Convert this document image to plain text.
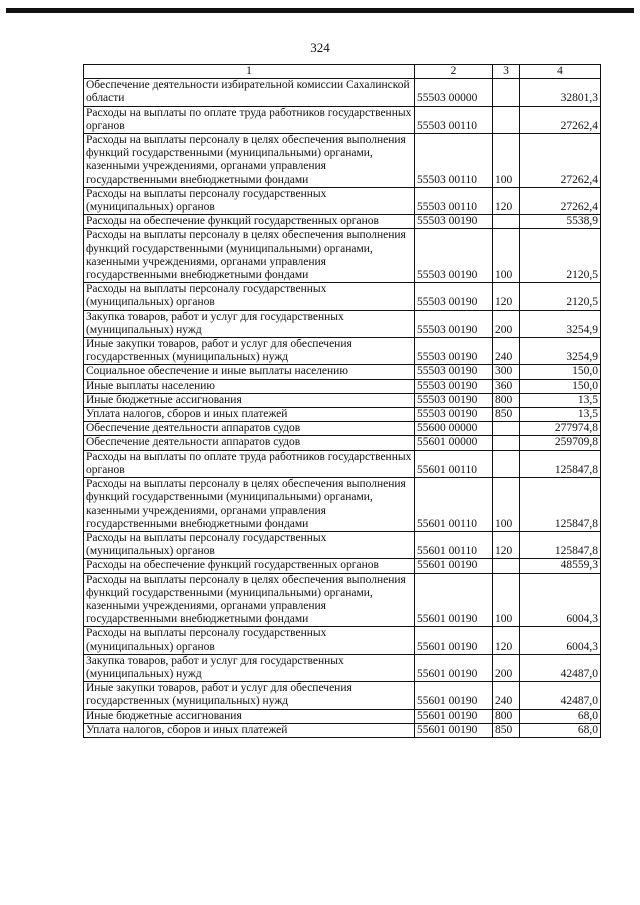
324
1	2	3	4
Обеспечение деятельности избирательной комиссии Сахалинской области	55503 00000		32801,3
Расходы на выплаты по оплате труда работников государственных органов	55503 00110		27262,4
Расходы на выплаты персоналу в целях обеспечения выполнения функций государственными (муниципальными) органами, казенными учреждениями, органами управления государственными внебюджетными фондами	55503 00110	100	27262,4
Расходы на выплаты персоналу государственных (муниципальных) органов	55503 00110	120	27262,4
Расходы на обеспечение функций государственных органов	55503 00190		5538,9
Расходы на выплаты персоналу в целях обеспечения выполнения функций государственными (муниципальными) органами, казенными учреждениями, органами управления государственными внебюджетными фондами	55503 00190	100	2120,5
Расходы на выплаты персоналу государственных (муниципальных) органов	55503 00190	120	2120,5
Закупка товаров, работ и услуг для государственных (муниципальных) нужд	55503 00190	200	3254,9
Иные закупки товаров, работ и услуг для обеспечения государственных (муниципальных) нужд	55503 00190	240	3254,9
Социальное обеспечение и иные выплаты населению	55503 00190	300	150,0
Иные выплаты населению	55503 00190	360	150,0
Иные бюджетные ассигнования	55503 00190	800	13,5
Уплата налогов, сборов и иных платежей	55503 00190	850	13,5
Обеспечение деятельности аппаратов судов	55600 00000		277974,8
Обеспечение деятельности аппаратов судов	55601 00000		259709,8
Расходы на выплаты по оплате труда работников государственных органов	55601 00110		125847,8
Расходы на выплаты персоналу в целях обеспечения выполнения функций государственными (муниципальными) органами, казенными учреждениями, органами управления государственными внебюджетными фондами	55601 00110	100	125847,8
Расходы на выплаты персоналу государственных (муниципальных) органов	55601 00110	120	125847,8
Расходы на обеспечение функций государственных органов	55601 00190		48559,3
Расходы на выплаты персоналу в целях обеспечения выполнения функций государственными (муниципальными) органами, казенными учреждениями, органами управления государственными внебюджетными фондами	55601 00190	100	6004,3
Расходы на выплаты персоналу государственных (муниципальных) органов	55601 00190	120	6004,3
Закупка товаров, работ и услуг для государственных (муниципальных) нужд	55601 00190	200	42487,0
Иные закупки товаров, работ и услуг для обеспечения государственных (муниципальных) нужд	55601 00190	240	42487,0
Иные бюджетные ассигнования	55601 00190	800	68,0
Уплата налогов, сборов и иных платежей	55601 00190	850	68,0
